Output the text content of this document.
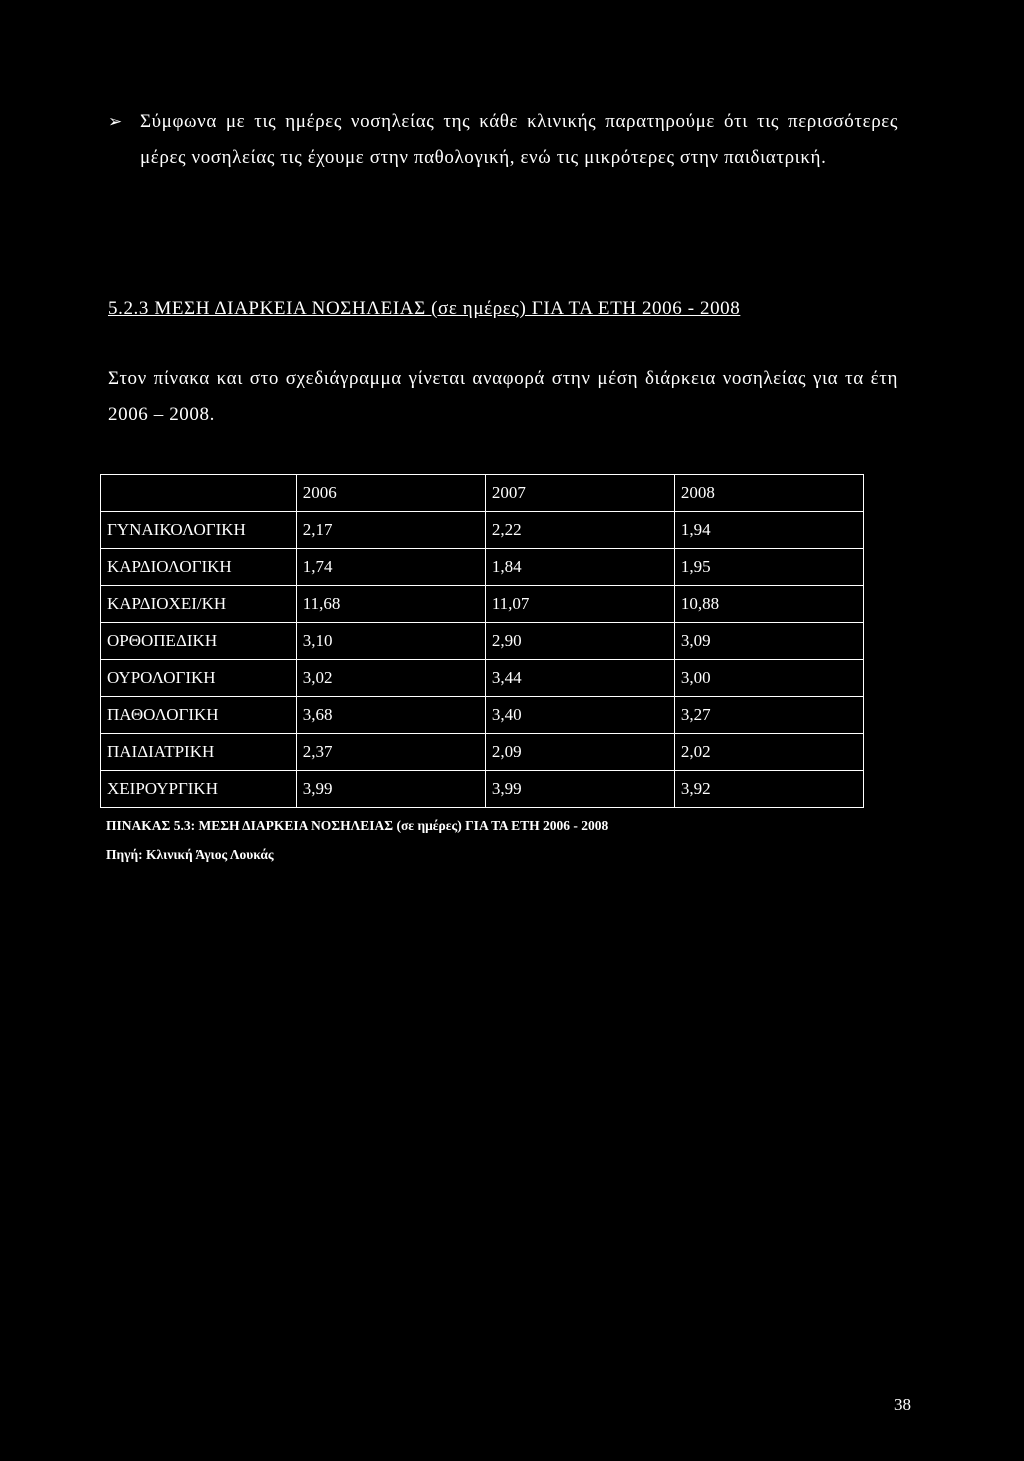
➢ Σύμφωνα με τις ημέρες νοσηλείας της κάθε κλινικής παρατηρούμε ότι τις περισσότερες μέρες νοσηλείας τις έχουμε στην παθολογική, ενώ τις μικρότερες στην παιδιατρική.
5.2.3 ΜΕΣΗ ΔΙΑΡΚΕΙΑ ΝΟΣΗΛΕΙΑΣ (σε ημέρες) ΓΙΑ ΤΑ ΕΤΗ 2006 - 2008
Στον πίνακα και στο σχεδιάγραμμα γίνεται αναφορά στην μέση διάρκεια νοσηλείας για τα έτη 2006 – 2008.
	2006	2007	2008
ΓΥΝΑΙΚΟΛΟΓΙΚΗ	2,17	2,22	1,94
ΚΑΡΔΙΟΛΟΓΙΚΗ	1,74	1,84	1,95
ΚΑΡΔΙΟΧΕΙ/ΚΗ	11,68	11,07	10,88
ΟΡΘΟΠΕΔΙΚΗ	3,10	2,90	3,09
ΟΥΡΟΛΟΓΙΚΗ	3,02	3,44	3,00
ΠΑΘΟΛΟΓΙΚΗ	3,68	3,40	3,27
ΠΑΙΔΙΑΤΡΙΚΗ	2,37	2,09	2,02
ΧΕΙΡΟΥΡΓΙΚΗ	3,99	3,99	3,92
ΠΙΝΑΚΑΣ 5.3: ΜΕΣΗ ΔΙΑΡΚΕΙΑ ΝΟΣΗΛΕΙΑΣ (σε ημέρες) ΓΙΑ ΤΑ ΕΤΗ 2006 - 2008
Πηγή: Κλινική Άγιος Λουκάς
38
